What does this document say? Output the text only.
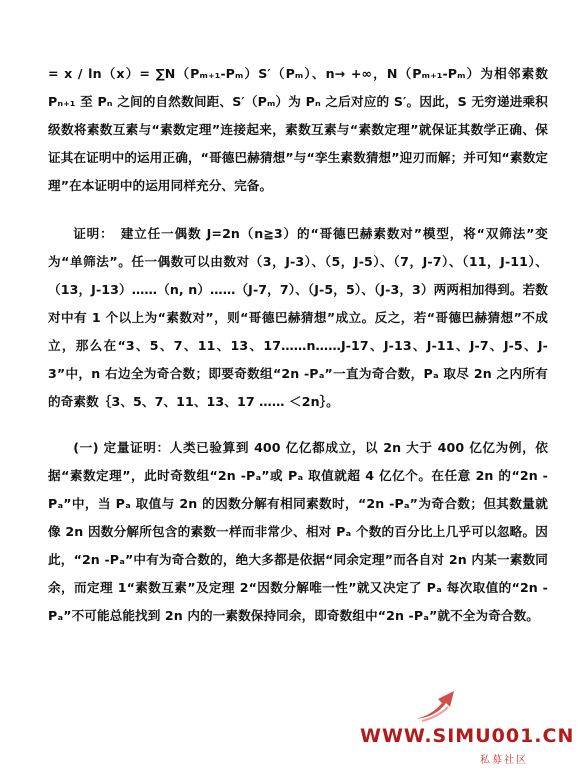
= x / ln（x）= ∑N（Pₘ₊₁-Pₘ）S′（Pₘ）、n→ +∞，N（Pₘ₊₁-Pₘ）为相邻素数 Pₙ₊₁ 至 Pₙ 之间的自然数间距、S′（Pₘ）为 Pₙ 之后对应的 S′。因此，S 无穷递进乘积级数将素数互素与“素数定理”连接起来，素数互素与“素数定理”就保证其数学正确、保证其在证明中的运用正确，“哥德巴赫猜想”与“孪生素数猜想”迎刃而解；并可知“素数定理”在本证明中的运用同样充分、完备。

证明：　建立任一偶数 J=2n（n≧3）的“哥德巴赫素数对”模型，将“双筛法”变为“单筛法”。任一偶数可以由数对（3，J-3）、（5，J-5）、（7，J-7）、（11，J-11）、（13，J-13）……（n, n）……（J-7，7）、（J-5，5）、（J-3，3）两两相加得到。若数对中有 1 个以上为“素数对”，则“哥德巴赫猜想”成立。反之，若“哥德巴赫猜想”不成立，那么在“3、5、7、11、13、17……n……J-17、J-13、J-11、J-7、J-5、J-3”中，n 右边全为奇合数；即要奇数组“2n -Pₐ”一直为奇合数，Pₐ 取尽 2n 之内所有的奇素数｛3、5、7、11、13、17 …… ＜2n｝。

(一) 定量证明：人类已验算到 400 亿亿都成立，以 2n 大于 400 亿亿为例，依据“素数定理”，此时奇数组“2n -Pₐ”或 Pₐ 取值就超 4 亿亿个。在任意 2n 的“2n -Pₐ”中，当 Pₐ 取值与 2n 的因数分解有相同素数时，“2n -Pₐ”为奇合数；但其数量就像 2n 因数分解所包含的素数一样而非常少、相对 Pₐ 个数的百分比上几乎可以忽略。因此，“2n -Pₐ”中有为奇合数的，绝大多都是依据“同余定理”而各自对 2n 内某一素数同余，而定理 1“素数互素”及定理 2“因数分解唯一性”就又决定了 Pₐ 每次取值的“2n -Pₐ”不可能总能找到 2n 内的一素数保持同余，即奇数组中“2n -Pₐ”就不全为奇合数。

WWW.SIMU001.CN
私募社区
